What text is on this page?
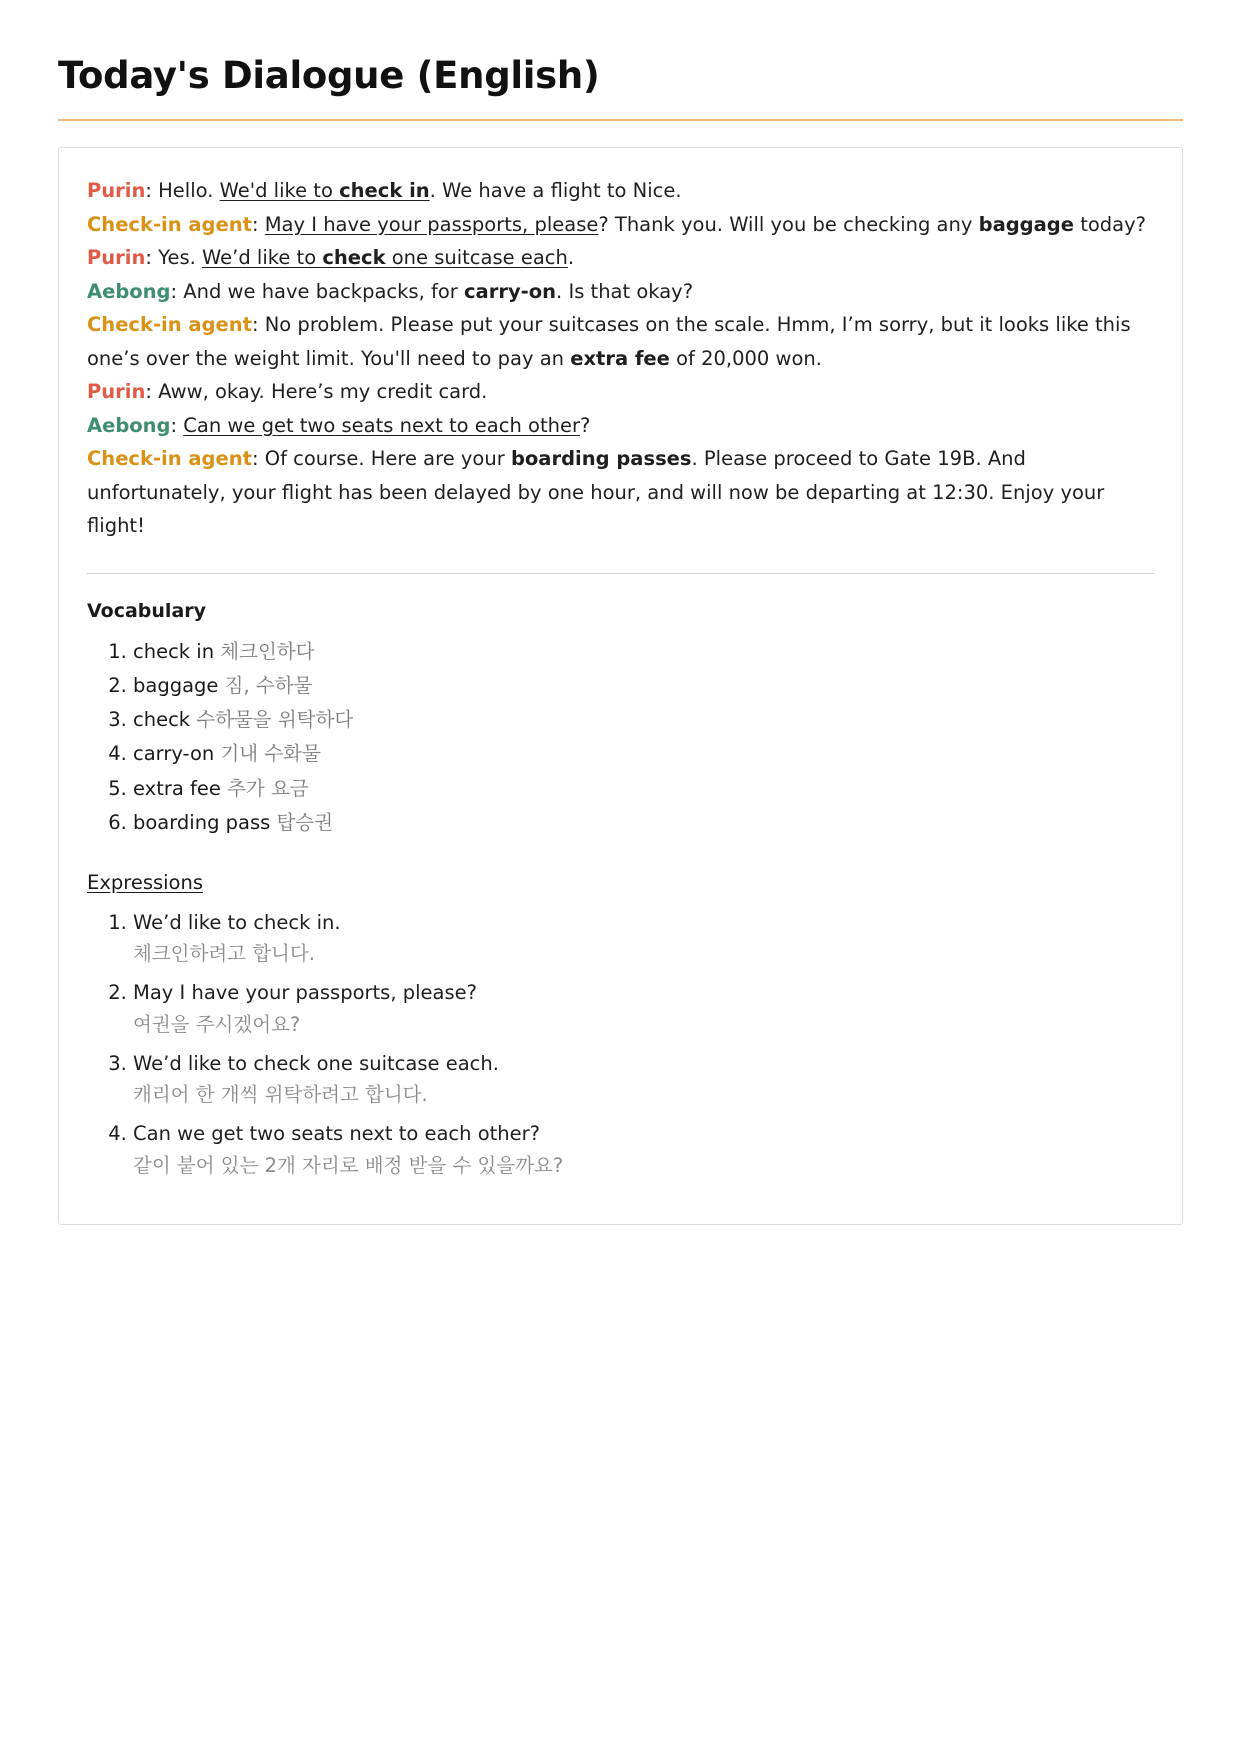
Today's Dialogue (English)

Purin: Hello. We'd like to check in. We have a flight to Nice.

Check-in agent: May I have your passports, please? Thank you. Will you be checking any baggage today?

Purin: Yes. We’d like to check one suitcase each.

Aebong: And we have backpacks, for carry-on. Is that okay?

Check-in agent: No problem. Please put your suitcases on the scale. Hmm, I’m sorry, but it looks like this one’s over the weight limit. You'll need to pay an extra fee of 20,000 won.

Purin: Aww, okay. Here’s my credit card.

Aebong: Can we get two seats next to each other?

Check-in agent: Of course. Here are your boarding passes. Please proceed to Gate 19B. And unfortunately, your flight has been delayed by one hour, and will now be departing at 12:30. Enjoy your flight!

Vocabulary
1. check in 체크인하다
2. baggage 짐, 수하물
3. check 수하물을 위탁하다
4. carry-on 기내 수화물
5. extra fee 추가 요금
6. boarding pass 탑승권
Expressions
1. We’d like to check in.
체크인하려고 합니다.
2. May I have your passports, please?
여권을 주시겠어요?
3. We’d like to check one suitcase each.
캐리어 한 개씩 위탁하려고 합니다.
4. Can we get two seats next to each other?
같이 붙어 있는 2개 자리로 배정 받을 수 있을까요?
